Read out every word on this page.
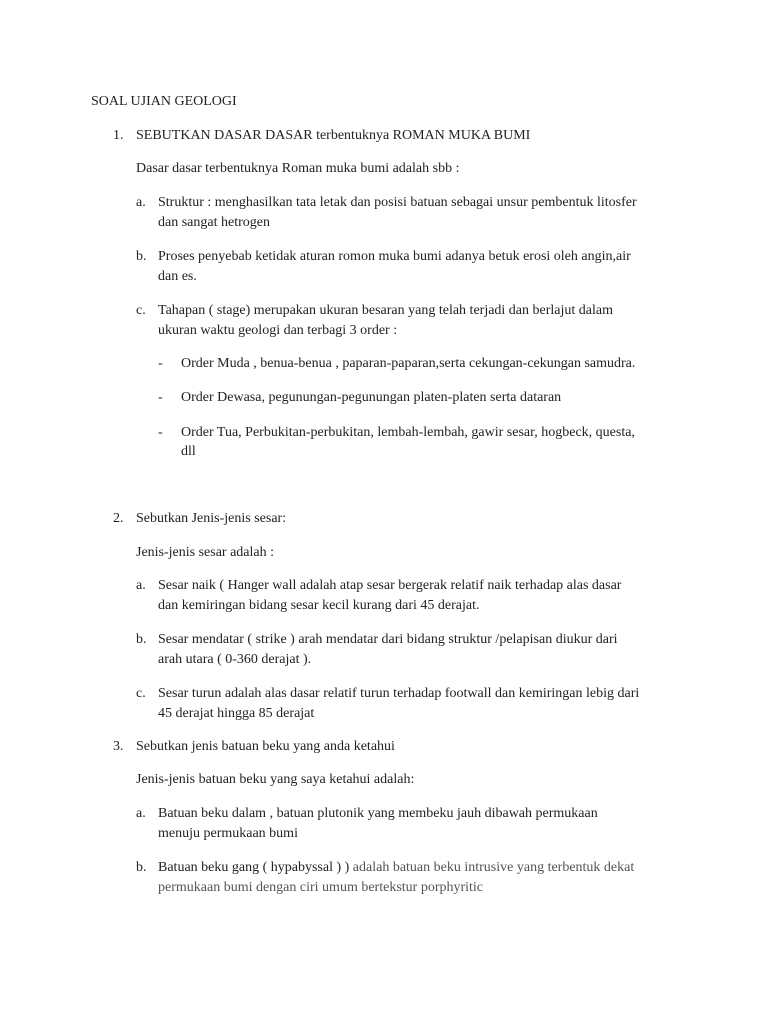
SOAL UJIAN GEOLOGI
1. SEBUTKAN DASAR DASAR terbentuknya ROMAN MUKA BUMI
Dasar dasar terbentuknya Roman muka bumi adalah sbb :
a. Struktur : menghasilkan tata letak dan posisi batuan sebagai unsur pembentuk litosfer
dan sangat hetrogen
b. Proses penyebab ketidak aturan romon muka bumi adanya betuk erosi oleh angin,air
dan es.
c. Tahapan ( stage) merupakan ukuran besaran yang telah terjadi dan berlajut dalam
ukuran waktu geologi dan terbagi 3 order :
- Order Muda , benua-benua , paparan-paparan,serta cekungan-cekungan samudra.
- Order Dewasa, pegunungan-pegunungan platen-platen serta dataran
- Order Tua, Perbukitan-perbukitan, lembah-lembah, gawir sesar, hogbeck, questa,
dll
2. Sebutkan Jenis-jenis sesar:
Jenis-jenis sesar adalah :
a. Sesar naik ( Hanger wall adalah atap sesar bergerak relatif naik terhadap alas dasar
dan kemiringan bidang sesar kecil kurang dari 45 derajat.
b. Sesar mendatar ( strike ) arah mendatar dari bidang struktur /pelapisan diukur dari
arah utara ( 0-360 derajat ).
c. Sesar turun adalah alas dasar relatif turun terhadap footwall dan kemiringan lebig dari
45 derajat hingga 85 derajat
3. Sebutkan jenis batuan beku yang anda ketahui
Jenis-jenis batuan beku yang saya ketahui adalah:
a. Batuan beku dalam , batuan plutonik yang membeku jauh dibawah permukaan
menuju permukaan bumi
b. Batuan beku gang ( hypabyssal ) ) adalah batuan beku intrusive yang terbentuk dekat
permukaan bumi dengan ciri umum bertekstur porphyritic
